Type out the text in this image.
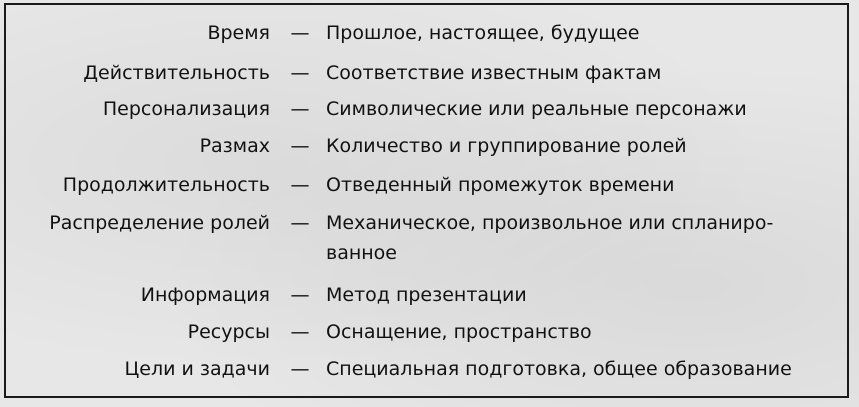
Время — Прошлое, настоящее, будущее
Действительность — Соответствие известным фактам
Персонализация — Символические или реальные персонажи
Размах — Количество и группирование ролей
Продолжительность — Отведенный промежуток времени
Распределение ролей — Механическое, произвольное или спланиро-
ванное
Информация — Метод презентации
Ресурсы — Оснащение, пространство
Цели и задачи — Специальная подготовка, общее образование
